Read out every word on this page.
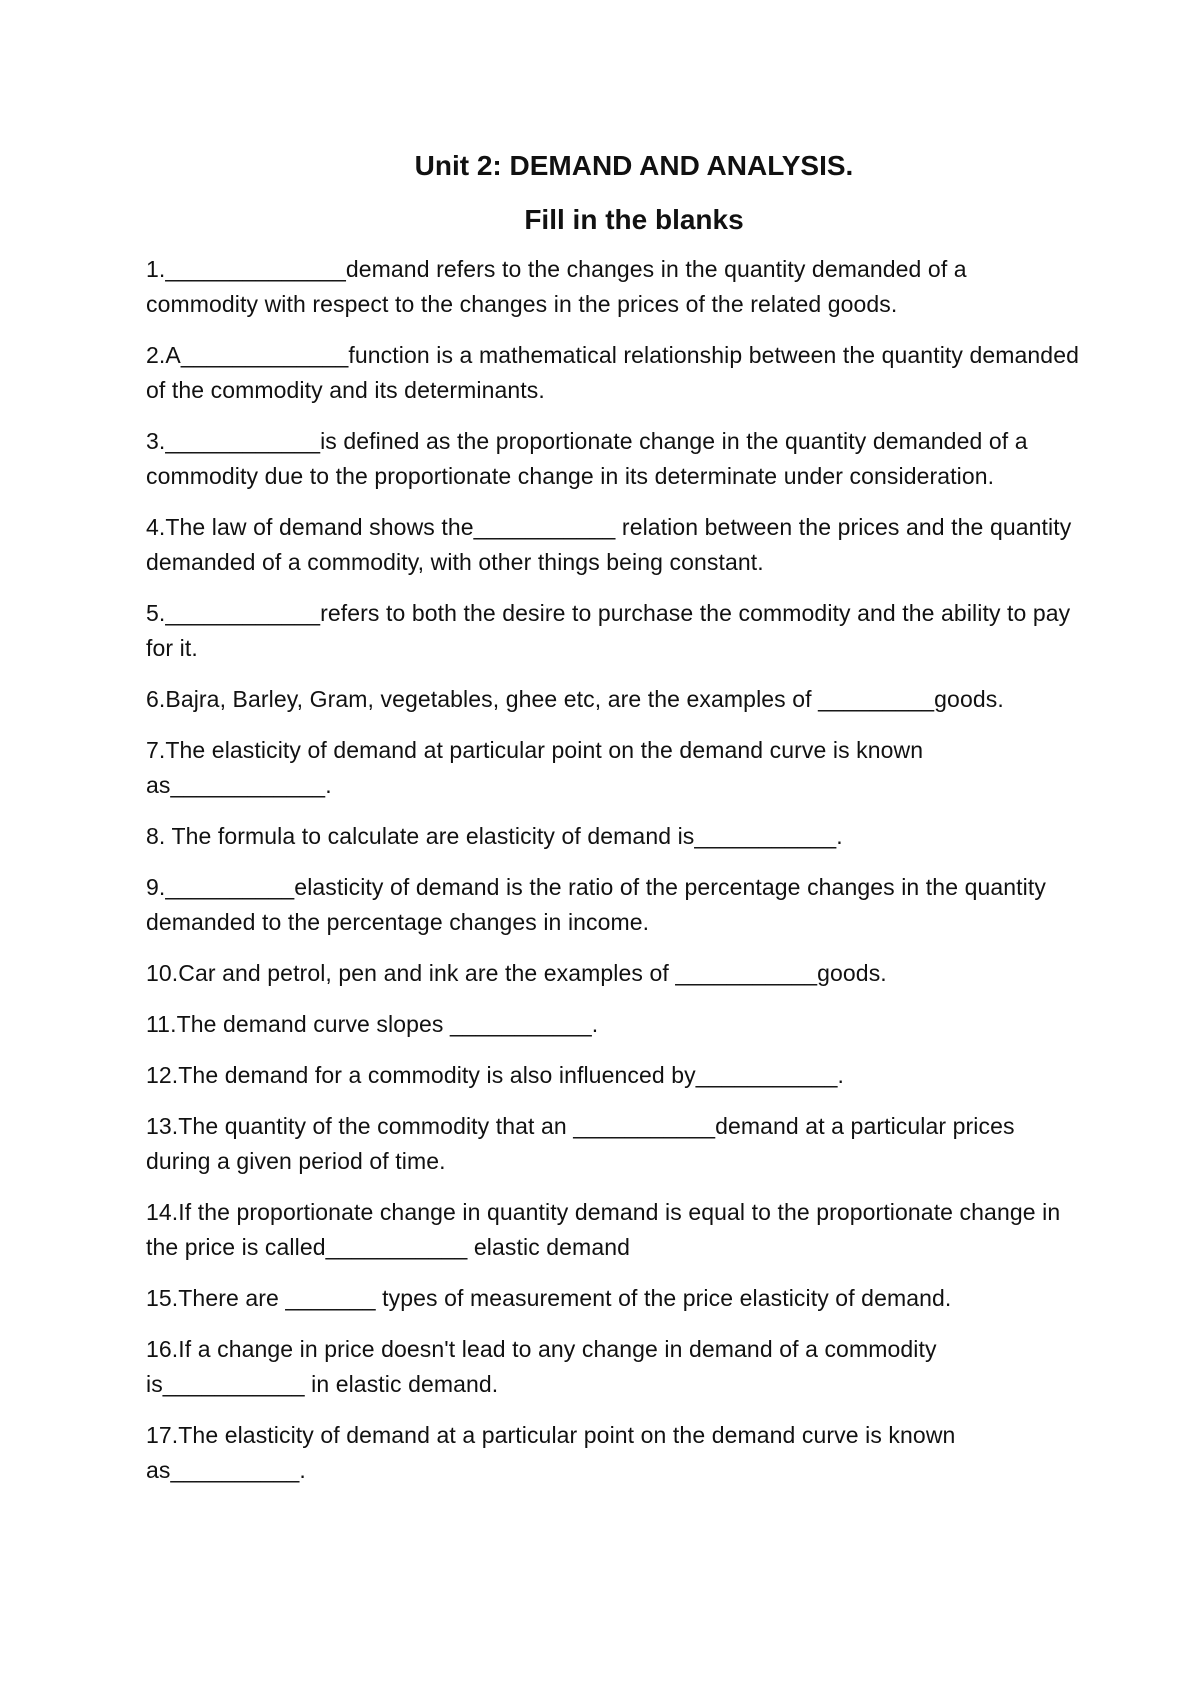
Unit 2: DEMAND AND ANALYSIS.
Fill in the blanks
1.______________demand refers to the changes in the quantity demanded of a commodity with respect to the changes in the prices of the related goods.
2.A_____________function is a mathematical relationship between the quantity demanded of the commodity and its determinants.
3.____________is defined as the proportionate change in the quantity demanded of a commodity due to the proportionate change in its determinate under consideration.
4.The law of demand shows the___________ relation between the prices and the quantity demanded of a commodity, with other things being constant.
5.____________refers to both the desire to purchase the commodity and the ability to pay for it.
6.Bajra, Barley, Gram, vegetables, ghee etc, are the examples of _________goods.
7.The elasticity of demand at particular point on the demand curve is known as____________.
8. The formula to calculate are elasticity of demand is___________.
9.__________elasticity of demand is the ratio of the percentage changes in the quantity demanded to the percentage changes in income.
10.Car and petrol, pen and ink are the examples of ___________goods.
11.The demand curve slopes ___________.
12.The demand for a commodity is also influenced by___________.
13.The quantity of the commodity that an ___________demand at a particular prices during a given period of time.
14.If the proportionate change in quantity demand is equal to the proportionate change in the price is called___________ elastic demand
15.There are _______ types of measurement of the price elasticity of demand.
16.If a change in price doesn't lead to any change in demand of a commodity is___________ in elastic demand.
17.The elasticity of demand at a particular point on the demand curve is known as__________.
